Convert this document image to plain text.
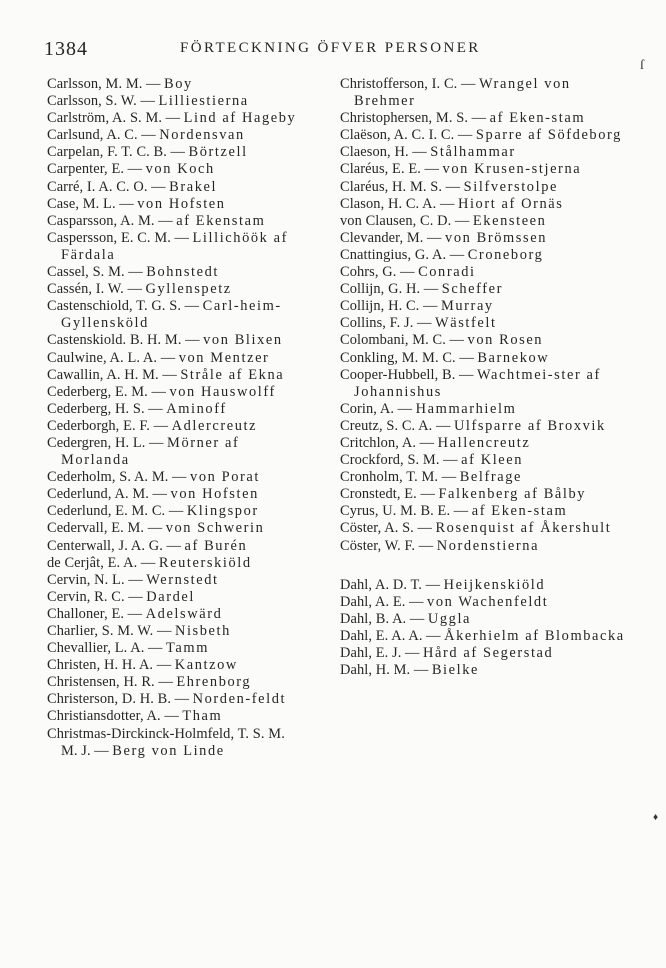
1384	FÖRTECKNING ÖFVER PERSONER
ſ
♦
Carlsson, M. M. — Boy
Carlsson, S. W. — Lilliestierna
Carlström, A. S. M. — Lind af Hageby
Carlsund, A. C. — Nordensvan
Carpelan, F. T. C. B. — Börtzell
Carpenter, E. — von Koch
Carré, I. A. C. O. — Brakel
Case, M. L. — von Hofsten
Casparsson, A. M. — af Ekenstam
Caspersson, E. C. M. — Lillichöök af Färdala
Cassel, S. M. — Bohnstedt
Cassén, I. W. — Gyllenspetz
Castenschiold, T. G. S. — Carl-heim-Gyllensköld
Castenskiold. B. H. M. — von Blixen
Caulwine, A. L. A. — von Mentzer
Cawallin, A. H. M. — Stråle af Ekna
Cederberg, E. M. — von Hauswolff
Cederberg, H. S. — Aminoff
Cederborgh, E. F. — Adlercreutz
Cedergren, H. L. — Mörner af Morlanda
Cederholm, S. A. M. — von Porat
Cederlund, A. M. — von Hofsten
Cederlund, E. M. C. — Klingspor
Cedervall, E. M. — von Schwerin
Centerwall, J. A. G. — af Burén
de Cerjât, E. A. — Reuterskiöld
Cervin, N. L. — Wernstedt
Cervin, R. C. — Dardel
Challoner, E. — Adelswärd
Charlier, S. M. W. — Nisbeth
Chevallier, L. A. — Tamm
Christen, H. H. A. — Kantzow
Christensen, H. R. — Ehrenborg
Christerson, D. H. B. — Norden-feldt
Christiansdotter, A. — Tham
Christmas-Dirckinck-Holmfeld, T. S. M. M. J. — Berg von Linde
Christofferson, I. C. — Wrangel von Brehmer
Christophersen, M. S. — af Eken-stam
Claëson, A. C. I. C. — Sparre af Söfdeborg
Claeson, H. — Stålhammar
Claréus, E. E. — von Krusen-stjerna
Claréus, H. M. S. — Silfverstolpe
Clason, H. C. A. — Hiort af Ornäs
von Clausen, C. D. — Ekensteen
Clevander, M. — von Brömssen
Cnattingius, G. A. — Croneborg
Cohrs, G. — Conradi
Collijn, G. H. — Scheffer
Collijn, H. C. — Murray
Collins, F. J. — Wästfelt
Colombani, M. C. — von Rosen
Conkling, M. M. C. — Barnekow
Cooper-Hubbell, B. — Wachtmei-ster af Johannishus
Corin, A. — Hammarhielm
Creutz, S. C. A. — Ulfsparre af Broxvik
Critchlon, A. — Hallencreutz
Crockford, S. M. — af Kleen
Cronholm, T. M. — Belfrage
Cronstedt, E. — Falkenberg af Bålby
Cyrus, U. M. B. E. — af Eken-stam
Cöster, A. S. — Rosenquist af Åkershult
Cöster, W. F. — Nordenstierna
Dahl, A. D. T. — Heijkenskiöld
Dahl, A. E. — von Wachenfeldt
Dahl, B. A. — Uggla
Dahl, E. A. A. — Åkerhielm af Blombacka
Dahl, E. J. — Hård af Segerstad
Dahl, H. M. — Bielke
